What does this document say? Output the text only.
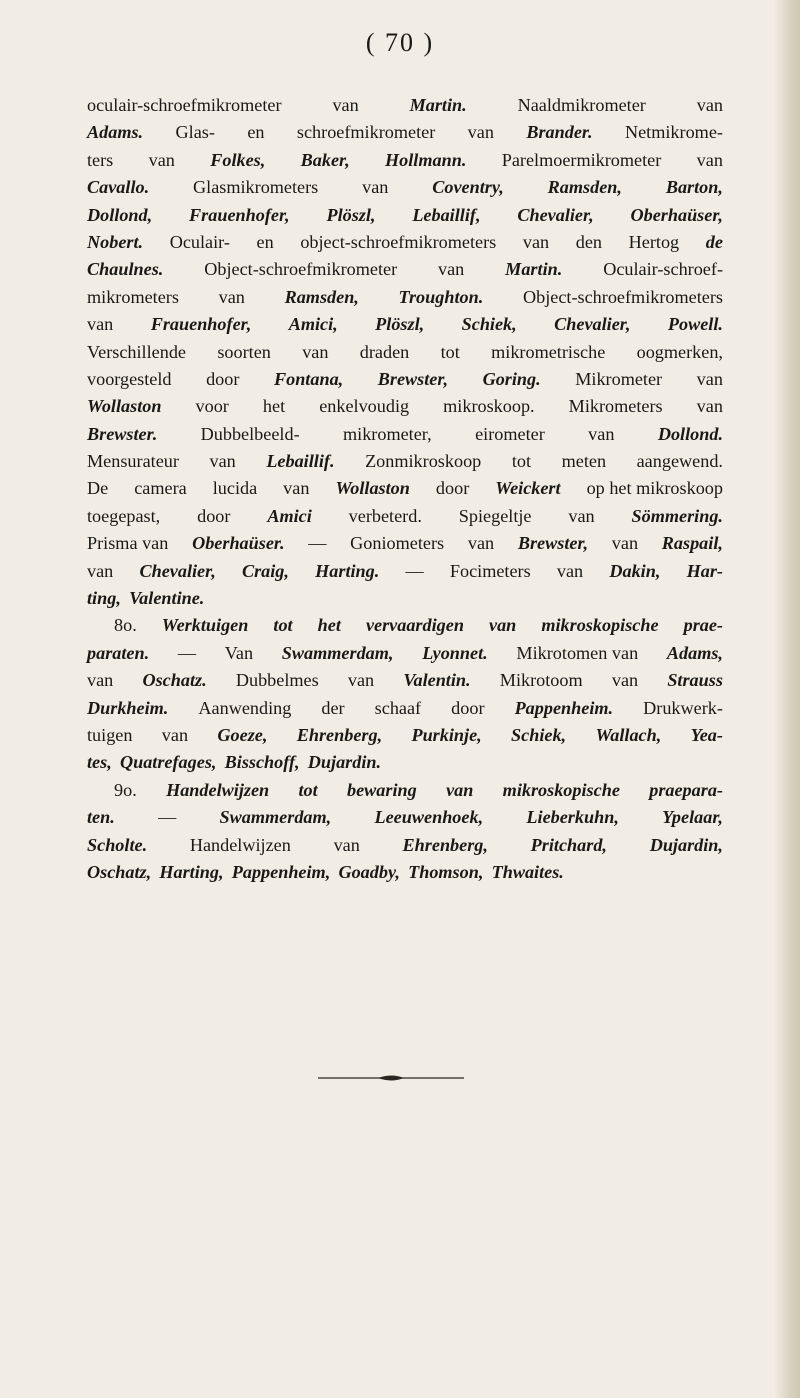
( 70 )
oculair-schroefmikrometer	van	Martin.	Naaldmikrometer	van
Adams. Glas- en schroefmikrometer van Brander. Netmikrome-
ters van Folkes, Baker, Hollmann. Parelmoermikrometer van
Cavallo. Glasmikrometers van Coventry, Ramsden, Barton,
Dollond, Frauenhofer, Plöszl, Lebaillif, Chevalier, Oberhaüser,
Nobert. Oculair- en object-schroefmikrometers van den Hertog de
Chaulnes. Object-schroefmikrometer van Martin. Oculair-schroef-
mikrometers van Ramsden, Troughton. Object-schroefmikrometers
van Frauenhofer, Amici, Plöszl, Schiek, Chevalier, Powell.
Verschillende soorten van draden tot mikrometrische oogmerken,
voorgesteld door Fontana, Brewster, Goring. Mikrometer van
Wollaston voor het enkelvoudig mikroskoop. Mikrometers van
Brewster. Dubbelbeeld- mikrometer, eirometer van Dollond.
Mensurateur van Lebaillif. Zonmikroskoop tot meten aangewend.
De camera lucida van Wollaston door Weickert op het mikroskoop
toegepast, door Amici verbeterd. Spiegeltje van Sömmering.
Prisma van Oberhaüser. — Goniometers van Brewster, van Raspail,
van Chevalier, Craig, Harting. — Focimeters van Dakin, Har-
ting, Valentine.
8o. Werktuigen tot het vervaardigen van mikroskopische prae-
paraten. — Van Swammerdam, Lyonnet. Mikrotomen van Adams,
van Oschatz. Dubbelmes van Valentin. Mikrotoom van Strauss
Durkheim. Aanwending der schaaf door Pappenheim. Drukwerk-
tuigen van Goeze, Ehrenberg, Purkinje, Schiek, Wallach, Yea-
tes, Quatrefages, Bisschoff, Dujardin.
9o. Handelwijzen tot bewaring van mikroskopische praepara-
ten. — Swammerdam, Leeuwenhoek, Lieberkuhn, Ypelaar,
Scholte. Handelwijzen van Ehrenberg, Pritchard, Dujardin,
Oschatz, Harting, Pappenheim, Goadby, Thomson, Thwaites.
